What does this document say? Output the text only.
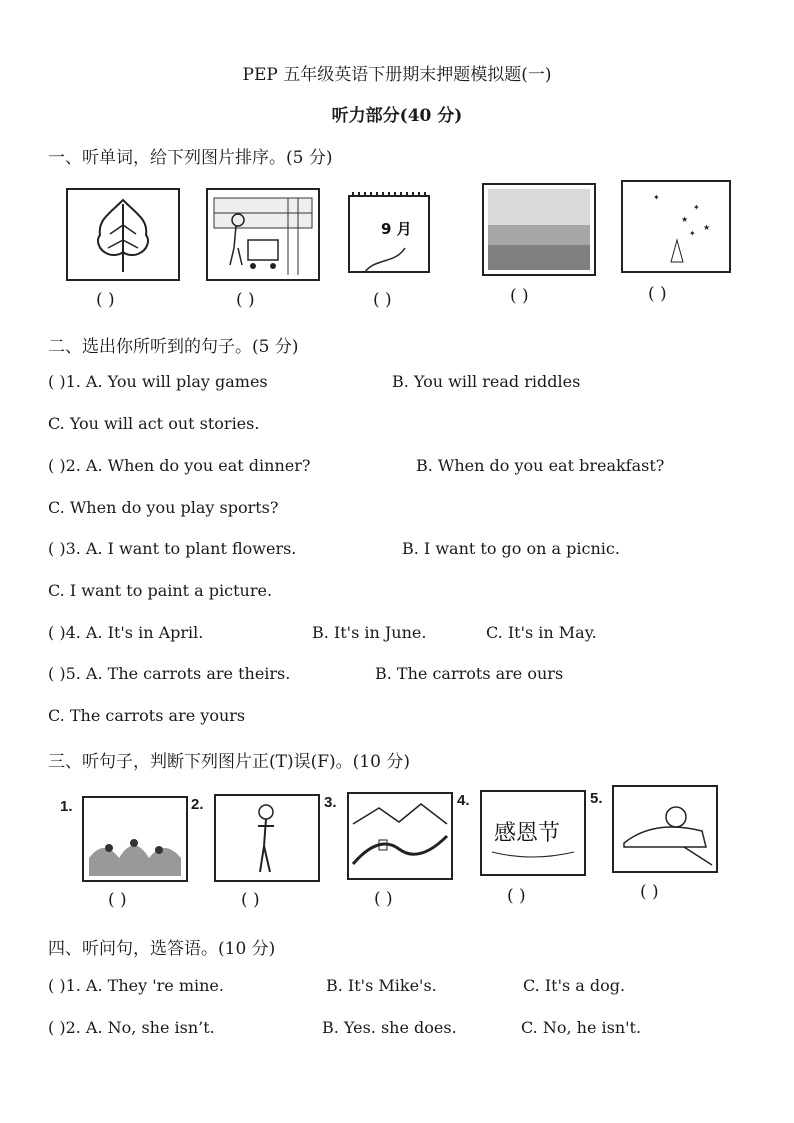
PEP 五年级英语下册期末押题模拟题(一)
听力部分(40 分)
一、听单词，给下列图片排序。(5 分)
9 月
✦
✦
★
★
✦
( )	( )	( )	( )	( )
二、选出你所听到的句子。(5 分)
( )1. A. You will play games	B. You will read riddles
C. You will act out stories.
( )2. A. When do you eat dinner?	B. When do you eat breakfast?
C. When do you play sports?
( )3. A. I want to plant flowers.	B. I want to go on a picnic.
C. I want to paint a picture.
( )4. A. It's in April.	B. It's in June.	C. It's in May.
( )5. A. The carrots are theirs.	B. The carrots are ours
C. The carrots are yours
三、听句子，判断下列图片正(T)误(F)。(10 分)
1.	2.	3.	4.
感恩节
5.
( )	( )	( )	( )	( )
四、听问句，选答语。(10 分)
( )1. A. They 're mine.	B. It's Mike's.	C. It's a dog.
( )2. A. No, she isn’t.	B. Yes. she does.	C. No, he isn't.
